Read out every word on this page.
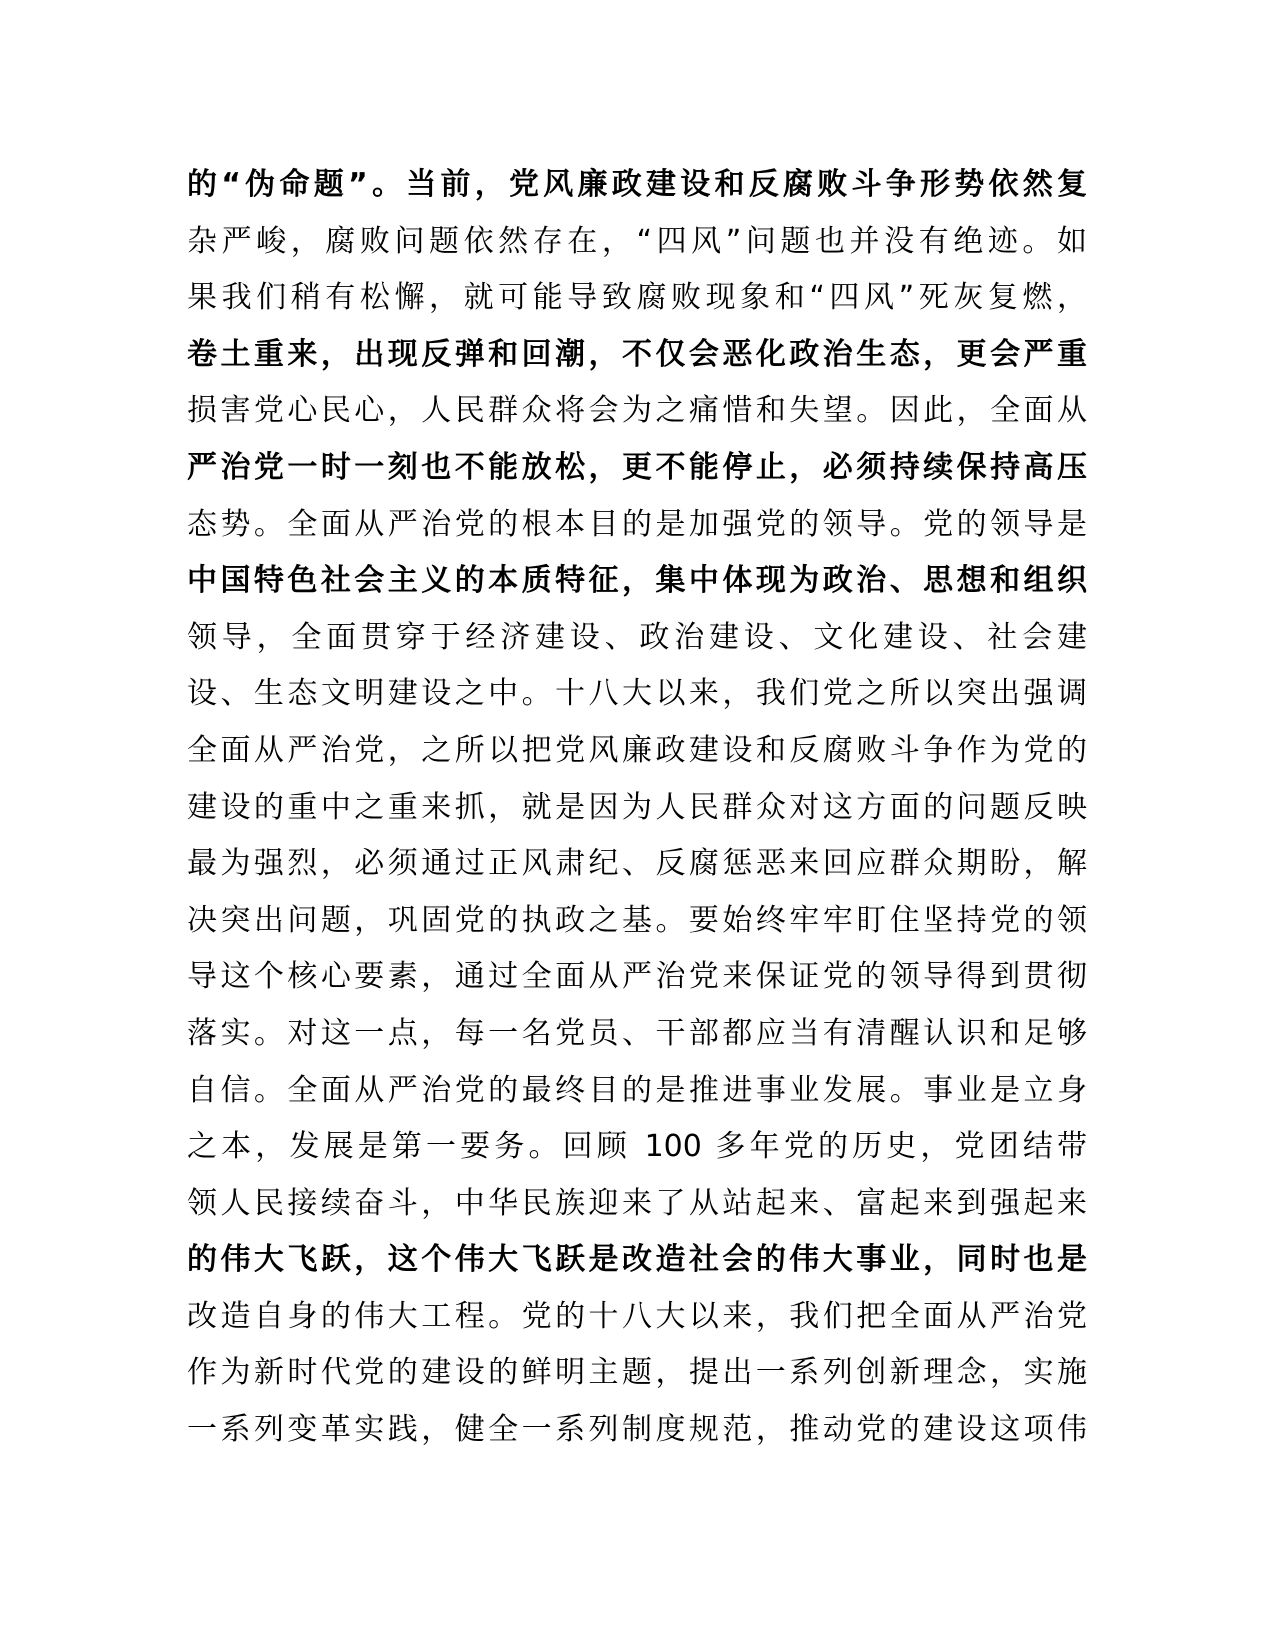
的“伪命题”。当前，党风廉政建设和反腐败斗争形势依然复
杂严峻，腐败问题依然存在，“四风”问题也并没有绝迹。如
果我们稍有松懈，就可能导致腐败现象和“四风”死灰复燃，
卷土重来，出现反弹和回潮，不仅会恶化政治生态，更会严重
损害党心民心，人民群众将会为之痛惜和失望。因此，全面从
严治党一时一刻也不能放松，更不能停止，必须持续保持高压
态势。全面从严治党的根本目的是加强党的领导。党的领导是
中国特色社会主义的本质特征，集中体现为政治、思想和组织
领导，全面贯穿于经济建设、政治建设、文化建设、社会建
设、生态文明建设之中。十八大以来，我们党之所以突出强调
全面从严治党，之所以把党风廉政建设和反腐败斗争作为党的
建设的重中之重来抓，就是因为人民群众对这方面的问题反映
最为强烈，必须通过正风肃纪、反腐惩恶来回应群众期盼，解
决突出问题，巩固党的执政之基。要始终牢牢盯住坚持党的领
导这个核心要素，通过全面从严治党来保证党的领导得到贯彻
落实。对这一点，每一名党员、干部都应当有清醒认识和足够
自信。全面从严治党的最终目的是推进事业发展。事业是立身
之本，发展是第一要务。回顾 100 多年党的历史，党团结带
领人民接续奋斗，中华民族迎来了从站起来、富起来到强起来
的伟大飞跃，这个伟大飞跃是改造社会的伟大事业，同时也是
改造自身的伟大工程。党的十八大以来，我们把全面从严治党
作为新时代党的建设的鲜明主题，提出一系列创新理念，实施
一系列变革实践，健全一系列制度规范，推动党的建设这项伟
